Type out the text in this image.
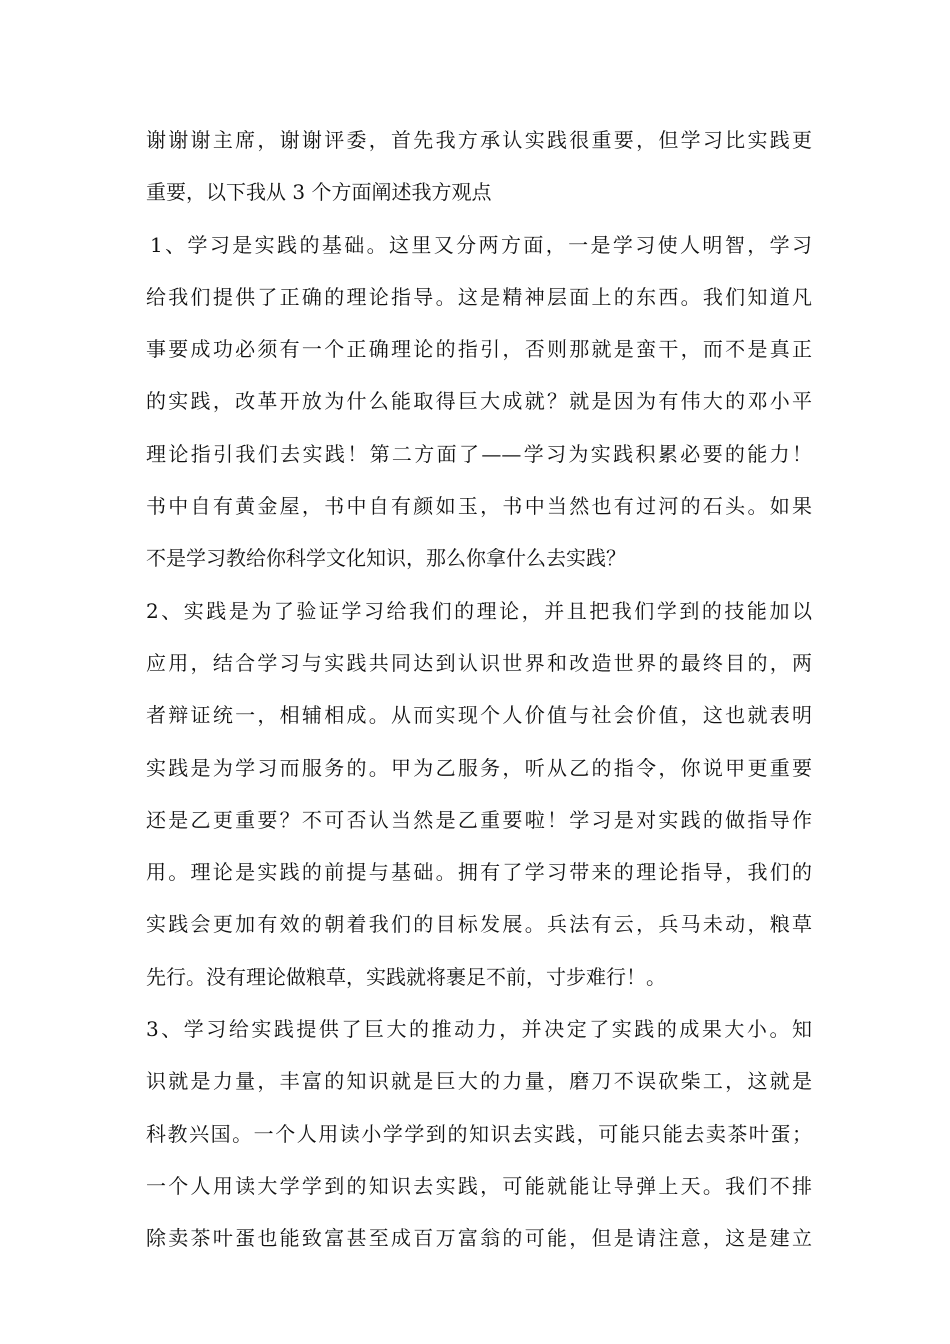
谢谢谢主席，谢谢评委，首先我方承认实践很重要，但学习比实践更
重要，以下我从 3 个方面阐述我方观点
1、学习是实践的基础。这里又分两方面，一是学习使人明智，学习
给我们提供了正确的理论指导。这是精神层面上的东西。我们知道凡
事要成功必须有一个正确理论的指引，否则那就是蛮干，而不是真正
的实践，改革开放为什么能取得巨大成就？就是因为有伟大的邓小平
理论指引我们去实践！第二方面了——学习为实践积累必要的能力！
书中自有黄金屋，书中自有颜如玉，书中当然也有过河的石头。如果
不是学习教给你科学文化知识，那么你拿什么去实践？
2、实践是为了验证学习给我们的理论，并且把我们学到的技能加以
应用，结合学习与实践共同达到认识世界和改造世界的最终目的，两
者辩证统一，相辅相成。从而实现个人价值与社会价值，这也就表明
实践是为学习而服务的。甲为乙服务，听从乙的指令，你说甲更重要
还是乙更重要？不可否认当然是乙重要啦！学习是对实践的做指导作
用。理论是实践的前提与基础。拥有了学习带来的理论指导，我们的
实践会更加有效的朝着我们的目标发展。兵法有云，兵马未动，粮草
先行。没有理论做粮草，实践就将裹足不前，寸步难行！。
3、学习给实践提供了巨大的推动力，并决定了实践的成果大小。知
识就是力量，丰富的知识就是巨大的力量，磨刀不误砍柴工，这就是
科教兴国。一个人用读小学学到的知识去实践，可能只能去卖茶叶蛋；
一个人用读大学学到的知识去实践，可能就能让导弹上天。我们不排
除卖茶叶蛋也能致富甚至成百万富翁的可能，但是请注意，这是建立
